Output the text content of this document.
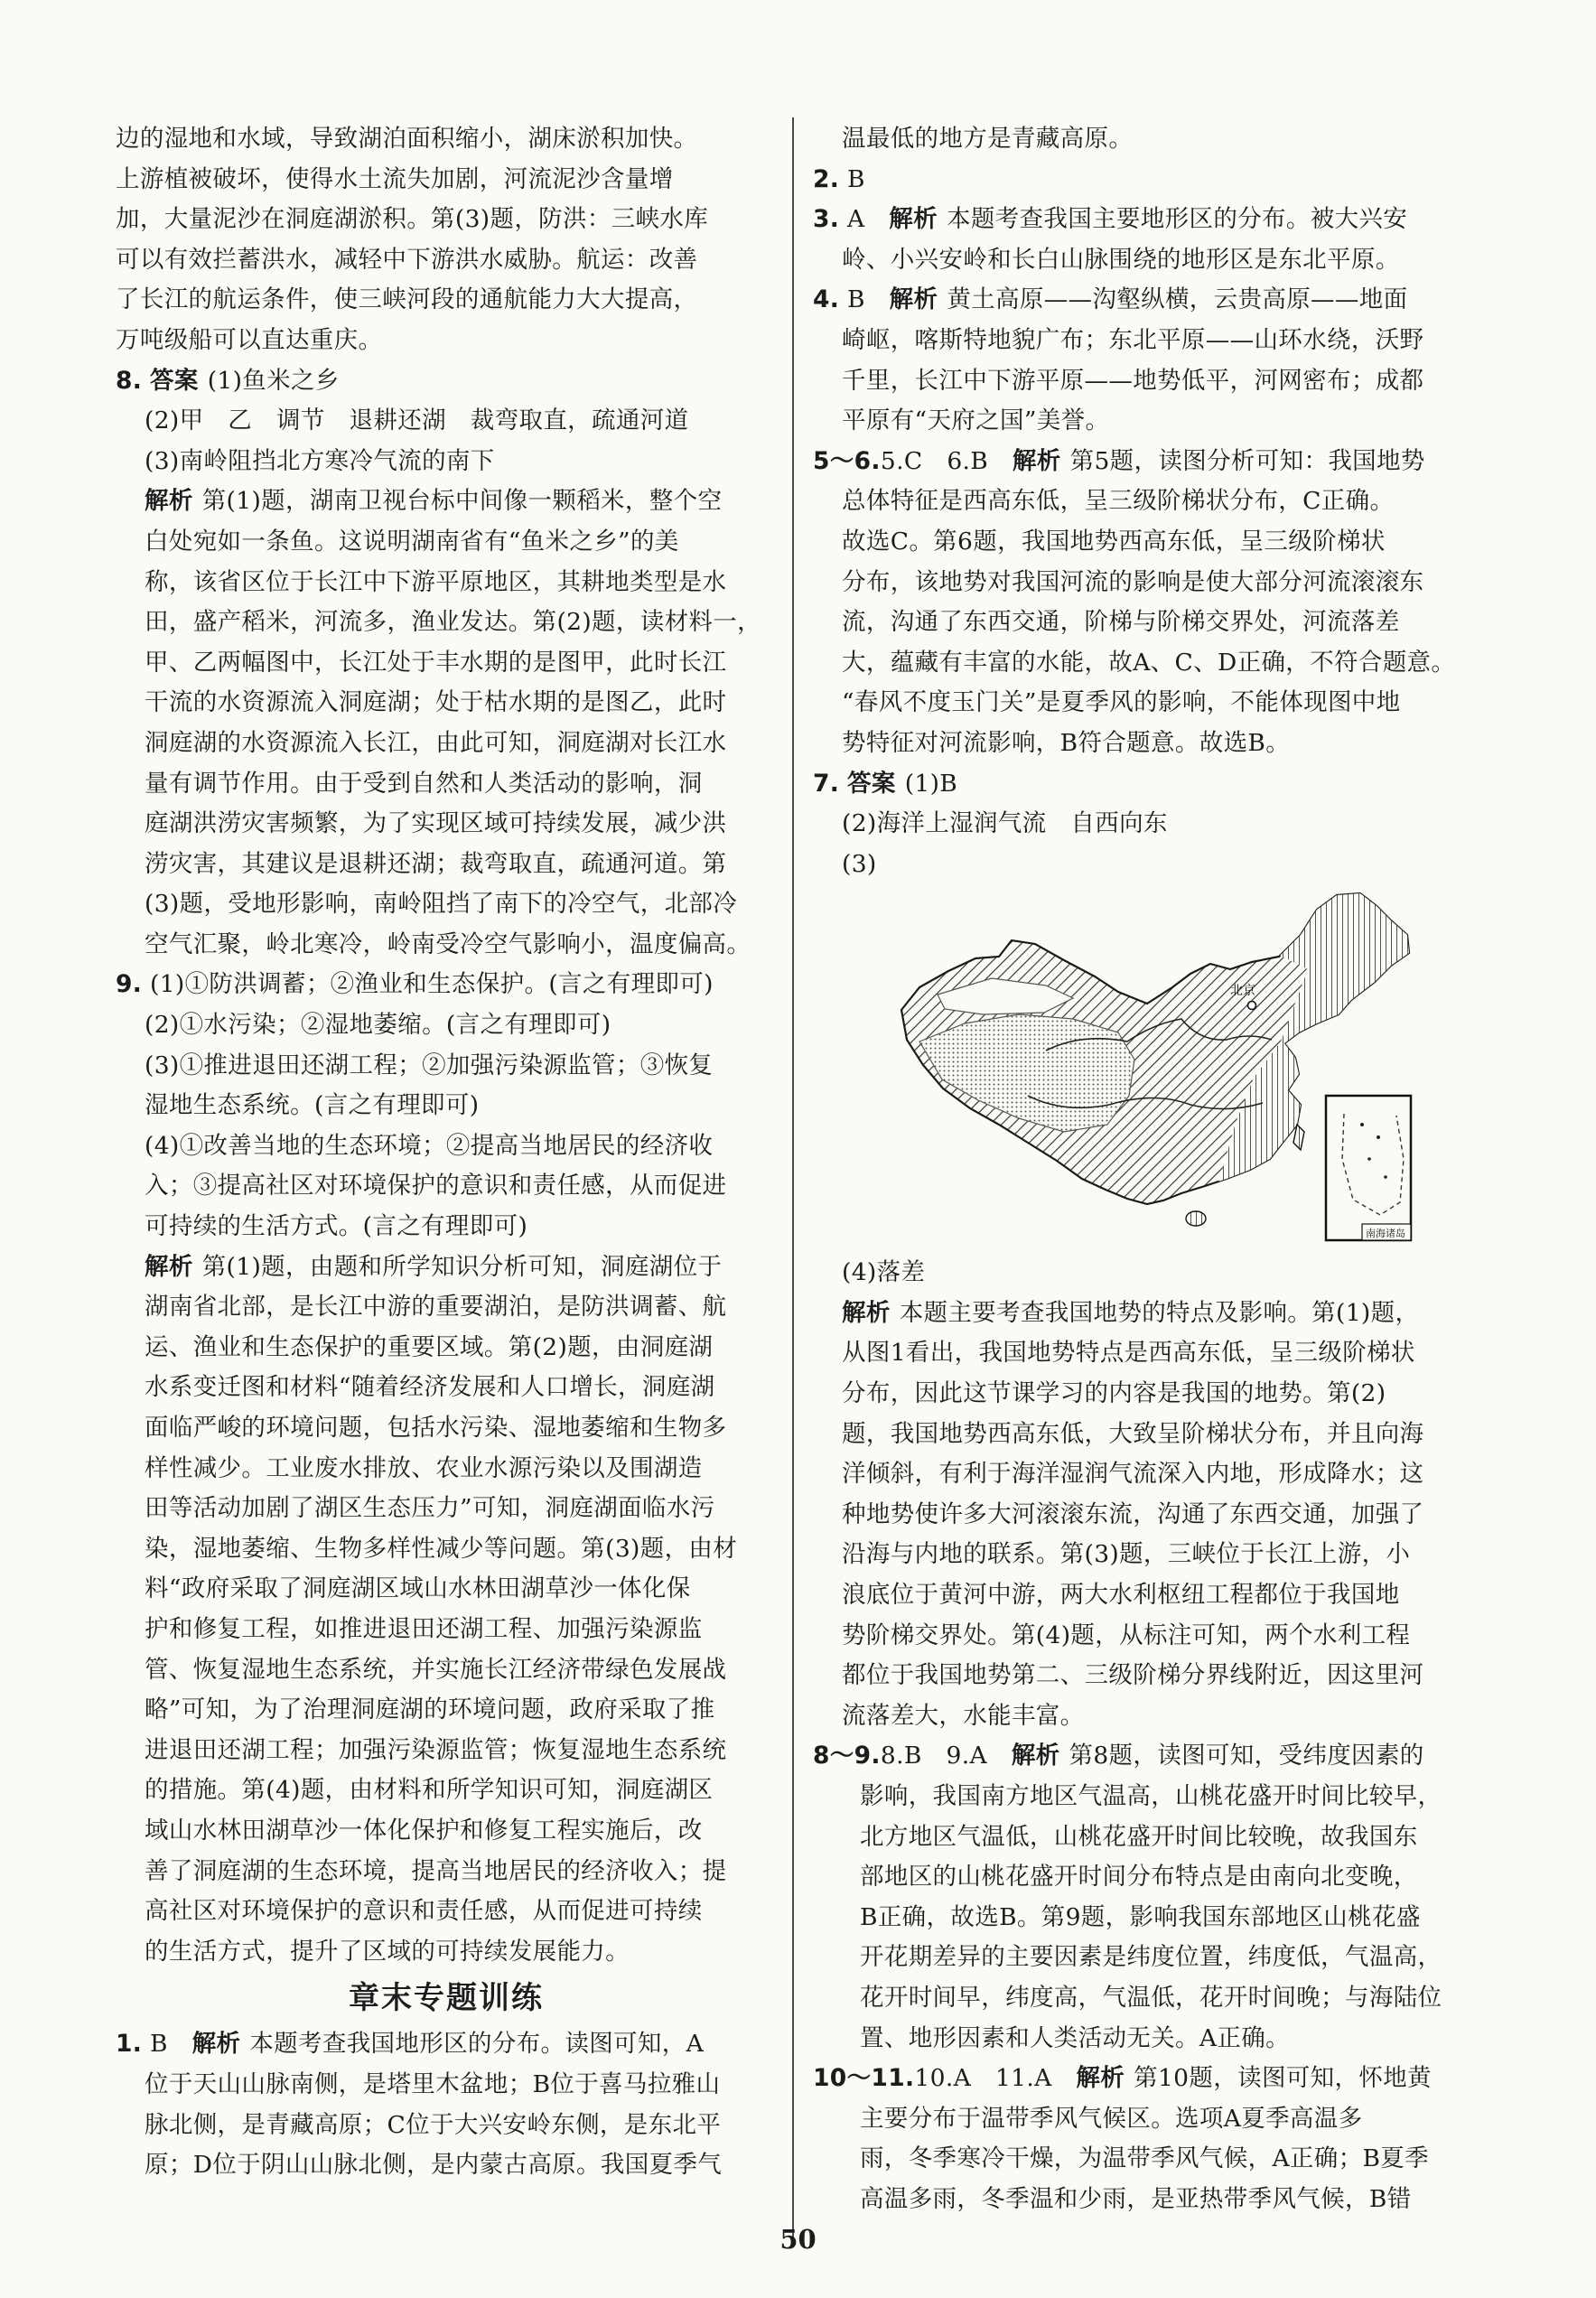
边的湿地和水域，导致湖泊面积缩小，湖床淤积加快。
上游植被破坏，使得水土流失加剧，河流泥沙含量增
加，大量泥沙在洞庭湖淤积。第(3)题，防洪：三峡水库
可以有效拦蓄洪水，减轻中下游洪水威胁。航运：改善
了长江的航运条件，使三峡河段的通航能力大大提高，
万吨级船可以直达重庆。
8. 答案 (1)鱼米之乡
(2)甲　乙　调节　退耕还湖　裁弯取直，疏通河道
(3)南岭阻挡北方寒冷气流的南下
解析 第(1)题，湖南卫视台标中间像一颗稻米，整个空
白处宛如一条鱼。这说明湖南省有“鱼米之乡”的美
称，该省区位于长江中下游平原地区，其耕地类型是水
田，盛产稻米，河流多，渔业发达。第(2)题，读材料一，
甲、乙两幅图中，长江处于丰水期的是图甲，此时长江
干流的水资源流入洞庭湖；处于枯水期的是图乙，此时
洞庭湖的水资源流入长江，由此可知，洞庭湖对长江水
量有调节作用。由于受到自然和人类活动的影响，洞
庭湖洪涝灾害频繁，为了实现区域可持续发展，减少洪
涝灾害，其建议是退耕还湖；裁弯取直，疏通河道。第
(3)题，受地形影响，南岭阻挡了南下的冷空气，北部冷
空气汇聚，岭北寒冷，岭南受冷空气影响小，温度偏高。
9. (1)①防洪调蓄；②渔业和生态保护。(言之有理即可)
(2)①水污染；②湿地萎缩。(言之有理即可)
(3)①推进退田还湖工程；②加强污染源监管；③恢复
湿地生态系统。(言之有理即可)
(4)①改善当地的生态环境；②提高当地居民的经济收
入；③提高社区对环境保护的意识和责任感，从而促进
可持续的生活方式。(言之有理即可)
解析 第(1)题，由题和所学知识分析可知，洞庭湖位于
湖南省北部，是长江中游的重要湖泊，是防洪调蓄、航
运、渔业和生态保护的重要区域。第(2)题，由洞庭湖
水系变迁图和材料“随着经济发展和人口增长，洞庭湖
面临严峻的环境问题，包括水污染、湿地萎缩和生物多
样性减少。工业废水排放、农业水源污染以及围湖造
田等活动加剧了湖区生态压力”可知，洞庭湖面临水污
染，湿地萎缩、生物多样性减少等问题。第(3)题，由材
料“政府采取了洞庭湖区域山水林田湖草沙一体化保
护和修复工程，如推进退田还湖工程、加强污染源监
管、恢复湿地生态系统，并实施长江经济带绿色发展战
略”可知，为了治理洞庭湖的环境问题，政府采取了推
进退田还湖工程；加强污染源监管；恢复湿地生态系统
的措施。第(4)题，由材料和所学知识可知，洞庭湖区
域山水林田湖草沙一体化保护和修复工程实施后，改
善了洞庭湖的生态环境，提高当地居民的经济收入；提
高社区对环境保护的意识和责任感，从而促进可持续
的生活方式，提升了区域的可持续发展能力。
章末专题训练
1. B 解析 本题考查我国地形区的分布。读图可知，A
位于天山山脉南侧，是塔里木盆地；B位于喜马拉雅山
脉北侧，是青藏高原；C位于大兴安岭东侧，是东北平
原；D位于阴山山脉北侧，是内蒙古高原。我国夏季气
温最低的地方是青藏高原。
2. B
3. A 解析 本题考查我国主要地形区的分布。被大兴安
岭、小兴安岭和长白山脉围绕的地形区是东北平原。
4. B 解析 黄土高原——沟壑纵横，云贵高原——地面
崎岖，喀斯特地貌广布；东北平原——山环水绕，沃野
千里，长江中下游平原——地势低平，河网密布；成都
平原有“天府之国”美誉。
5～6.5.C　6.B 解析 第5题，读图分析可知：我国地势
总体特征是西高东低，呈三级阶梯状分布，C正确。
故选C。第6题，我国地势西高东低，呈三级阶梯状
分布，该地势对我国河流的影响是使大部分河流滚滚东
流，沟通了东西交通，阶梯与阶梯交界处，河流落差
大，蕴藏有丰富的水能，故A、C、D正确，不符合题意。
“春风不度玉门关”是夏季风的影响，不能体现图中地
势特征对河流影响，B符合题意。故选B。
7. 答案 (1)B
(2)海洋上湿润气流　自西向东
(3)
北京
南海诸岛
(4)落差
解析 本题主要考查我国地势的特点及影响。第(1)题，
从图1看出，我国地势特点是西高东低，呈三级阶梯状
分布，因此这节课学习的内容是我国的地势。第(2)
题，我国地势西高东低，大致呈阶梯状分布，并且向海
洋倾斜，有利于海洋湿润气流深入内地，形成降水；这
种地势使许多大河滚滚东流，沟通了东西交通，加强了
沿海与内地的联系。第(3)题，三峡位于长江上游，小
浪底位于黄河中游，两大水利枢纽工程都位于我国地
势阶梯交界处。第(4)题，从标注可知，两个水利工程
都位于我国地势第二、三级阶梯分界线附近，因这里河
流落差大，水能丰富。
8～9.8.B　9.A 解析 第8题，读图可知，受纬度因素的
影响，我国南方地区气温高，山桃花盛开时间比较早，
北方地区气温低，山桃花盛开时间比较晚，故我国东
部地区的山桃花盛开时间分布特点是由南向北变晚，
B正确，故选B。第9题，影响我国东部地区山桃花盛
开花期差异的主要因素是纬度位置，纬度低，气温高，
花开时间早，纬度高，气温低，花开时间晚；与海陆位
置、地形因素和人类活动无关。A正确。
10～11.10.A　11.A 解析 第10题，读图可知，怀地黄
主要分布于温带季风气候区。选项A夏季高温多
雨，冬季寒冷干燥，为温带季风气候，A正确；B夏季
高温多雨，冬季温和少雨，是亚热带季风气候，B错
50
